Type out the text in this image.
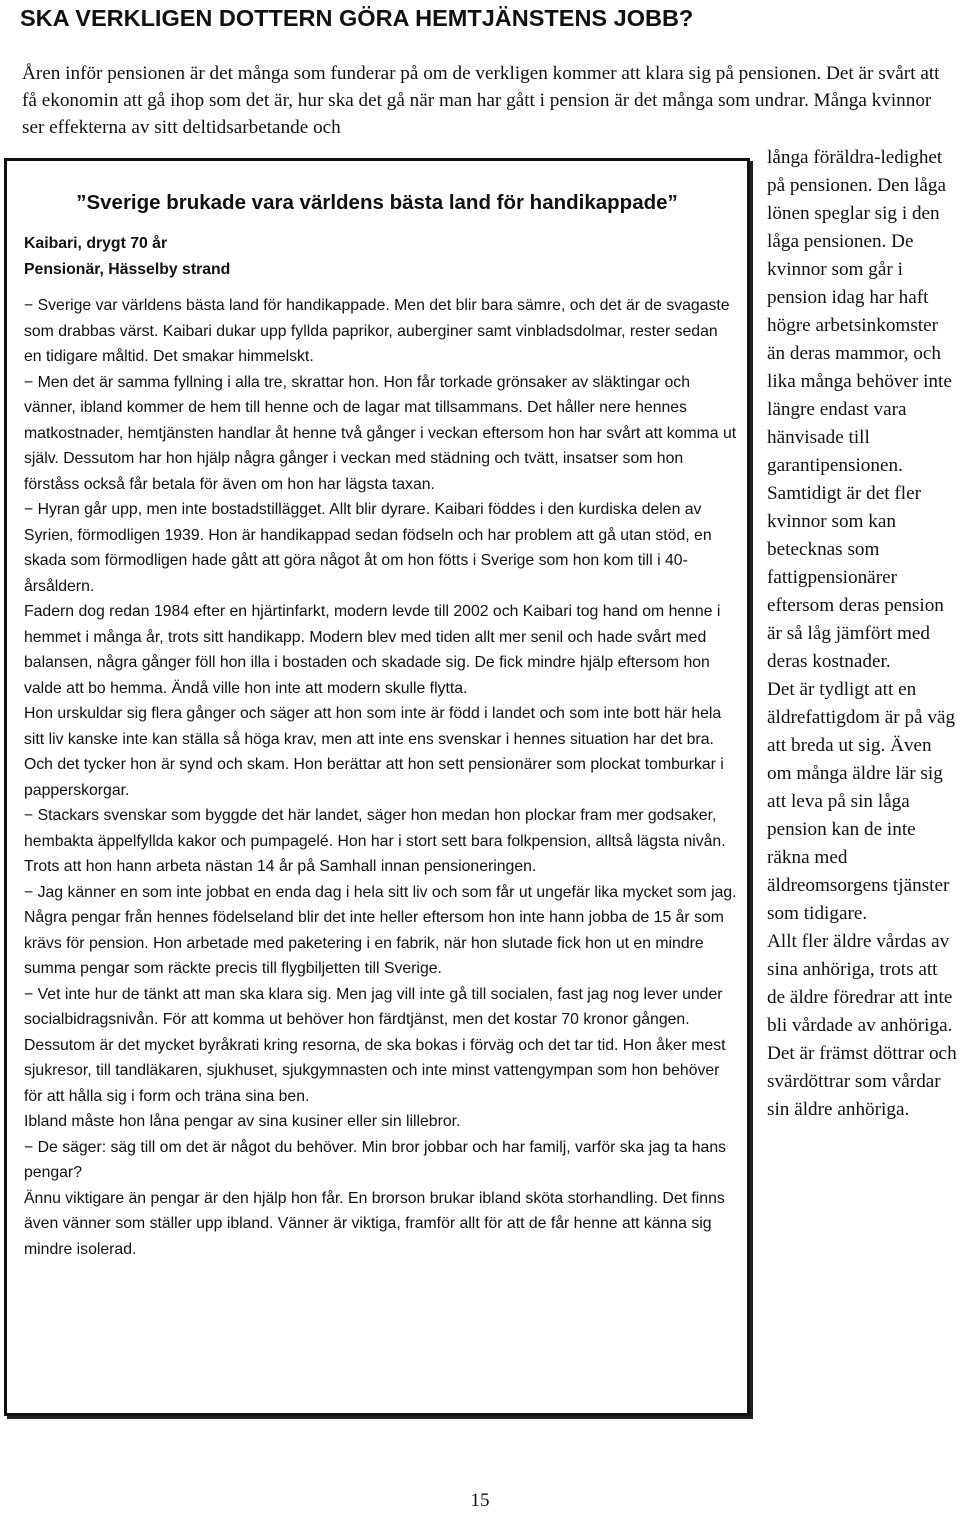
SKA VERKLIGEN DOTTERN GÖRA HEMTJÄNSTENS JOBB?

Åren inför pensionen är det många som funderar på om de verkligen kommer att klara sig på pensionen. Det är svårt att få ekonomin att gå ihop som det är, hur ska det gå när man har gått i pension är det många som undrar. Många kvinnor ser effekterna av sitt deltidsarbetande och

långa föräldra-ledighet på pensionen. Den låga lönen speglar sig i den låga pensionen. De kvinnor som går i pension idag har haft högre arbetsinkomster än deras mammor, och lika många behöver inte längre endast vara hänvisade till garantipensionen.

Samtidigt är det fler kvinnor som kan betecknas som fattigpensionärer eftersom deras pension är så låg jämfört med deras kostnader.

Det är tydligt att en äldrefattigdom är på väg att breda ut sig. Även om många äldre lär sig att leva på sin låga pension kan de inte räkna med äldreomsorgens tjänster som tidigare.

Allt fler äldre vårdas av sina anhöriga, trots att de äldre föredrar att inte bli vårdade av anhöriga. Det är främst döttrar och svärdöttrar som vårdar sin äldre anhöriga.

”Sverige brukade vara världens bästa land för handikappade”

Kaibari, drygt 70 år

Pensionär, Hässelby strand

− Sverige var världens bästa land för handikappade. Men det blir bara sämre, och det är de svagaste som drabbas värst. Kaibari dukar upp fyllda paprikor, auberginer samt vinbladsdolmar, rester sedan en tidigare måltid. Det smakar himmelskt.

− Men det är samma fyllning i alla tre, skrattar hon. Hon får torkade grönsaker av släktingar och vänner, ibland kommer de hem till henne och de lagar mat tillsammans. Det håller nere hennes matkostnader, hemtjänsten handlar åt henne två gånger i veckan eftersom hon har svårt att komma ut själv. Dessutom har hon hjälp några gånger i veckan med städning och tvätt, insatser som hon förståss också får betala för även om hon har lägsta taxan.

− Hyran går upp, men inte bostadstillägget. Allt blir dyrare. Kaibari föddes i den kurdiska delen av Syrien, förmodligen 1939. Hon är handikappad sedan födseln och har problem att gå utan stöd, en skada som förmodligen hade gått att göra något åt om hon fötts i Sverige som hon kom till i 40-årsåldern.

Fadern dog redan 1984 efter en hjärtinfarkt, modern levde till 2002 och Kaibari tog hand om henne i hemmet i många år, trots sitt handikapp. Modern blev med tiden allt mer senil och hade svårt med balansen, några gånger föll hon illa i bostaden och skadade sig. De fick mindre hjälp eftersom hon valde att bo hemma. Ändå ville hon inte att modern skulle flytta.

Hon urskuldar sig flera gånger och säger att hon som inte är född i landet och som inte bott här hela sitt liv kanske inte kan ställa så höga krav, men att inte ens svenskar i hennes situation har det bra. Och det tycker hon är synd och skam. Hon berättar att hon sett pensionärer som plockat tomburkar i papperskorgar.

− Stackars svenskar som byggde det här landet, säger hon medan hon plockar fram mer godsaker, hembakta äppelfyllda kakor och pumpagelé. Hon har i stort sett bara folkpension, alltså lägsta nivån. Trots att hon hann arbeta nästan 14 år på Samhall innan pensioneringen.

− Jag känner en som inte jobbat en enda dag i hela sitt liv och som får ut ungefär lika mycket som jag. Några pengar från hennes födelseland blir det inte heller eftersom hon inte hann jobba de 15 år som krävs för pension. Hon arbetade med paketering i en fabrik, när hon slutade fick hon ut en mindre summa pengar som räckte precis till flygbiljetten till Sverige.

− Vet inte hur de tänkt att man ska klara sig. Men jag vill inte gå till socialen, fast jag nog lever under socialbidragsnivån. För att komma ut behöver hon färdtjänst, men det kostar 70 kronor gången. Dessutom är det mycket byråkrati kring resorna, de ska bokas i förväg och det tar tid. Hon åker mest sjukresor, till tandläkaren, sjukhuset, sjukgymnasten och inte minst vattengympan som hon behöver för att hålla sig i form och träna sina ben.

Ibland måste hon låna pengar av sina kusiner eller sin lillebror.

− De säger: säg till om det är något du behöver. Min bror jobbar och har familj, varför ska jag ta hans pengar?

Ännu viktigare än pengar är den hjälp hon får. En brorson brukar ibland sköta storhandling. Det finns även vänner som ställer upp ibland. Vänner är viktiga, framför allt för att de får henne att känna sig mindre isolerad.

15
